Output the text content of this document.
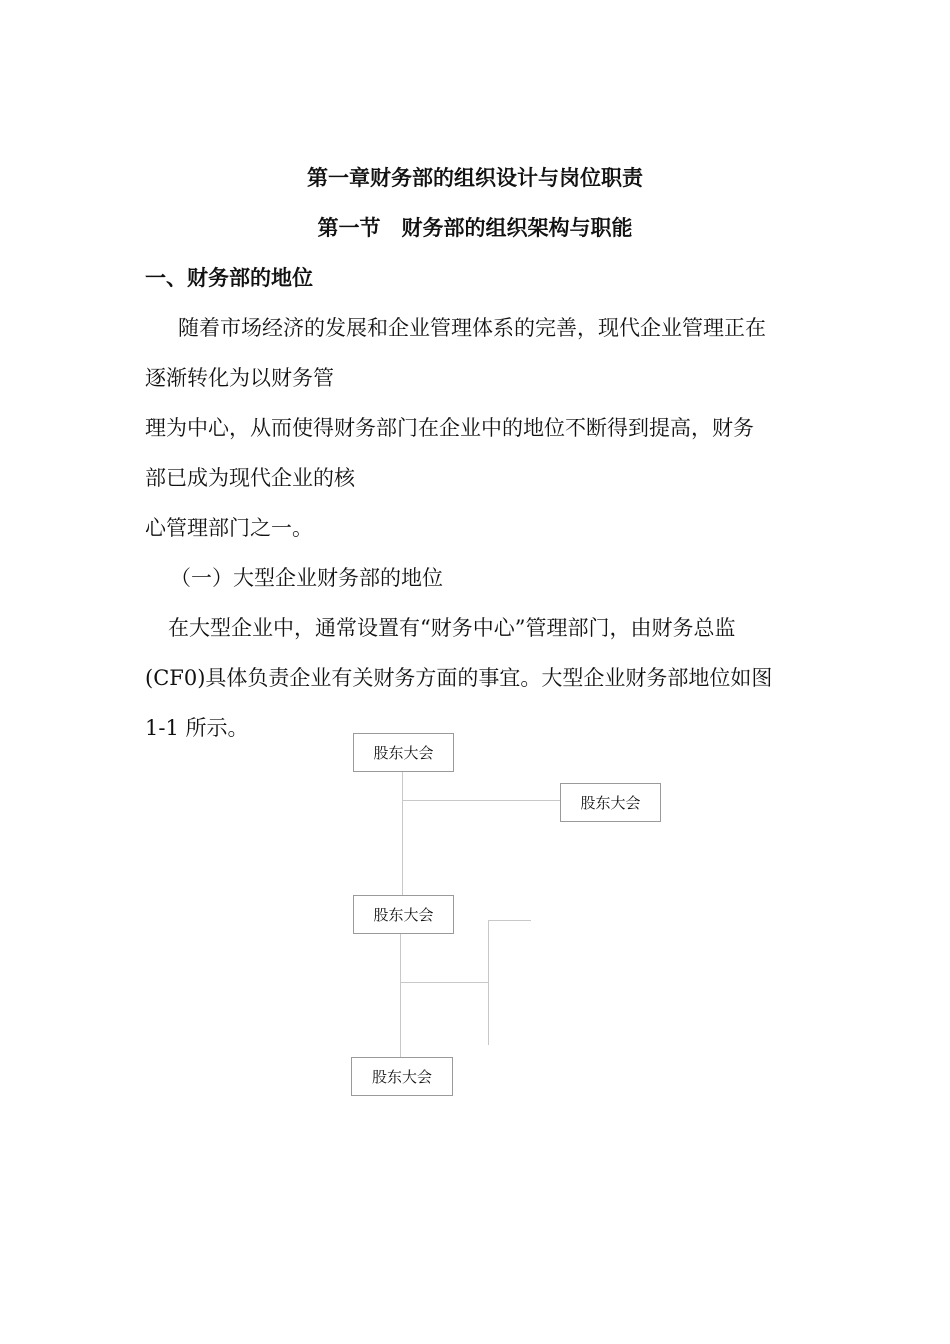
第一章财务部的组织设计与岗位职责
第一节　财务部的组织架构与职能
一、财务部的地位
随着市场经济的发展和企业管理体系的完善，现代企业管理正在
逐渐转化为以财务管
理为中心，从而使得财务部门在企业中的地位不断得到提高，财务
部已成为现代企业的核
心管理部门之一。
（一）大型企业财务部的地位
在大型企业中，通常设置有“财务中心”管理部门，由财务总监
(CF0)具体负责企业有关财务方面的事宜。大型企业财务部地位如图
1-1 所示。
股东大会
股东大会
股东大会
股东大会
